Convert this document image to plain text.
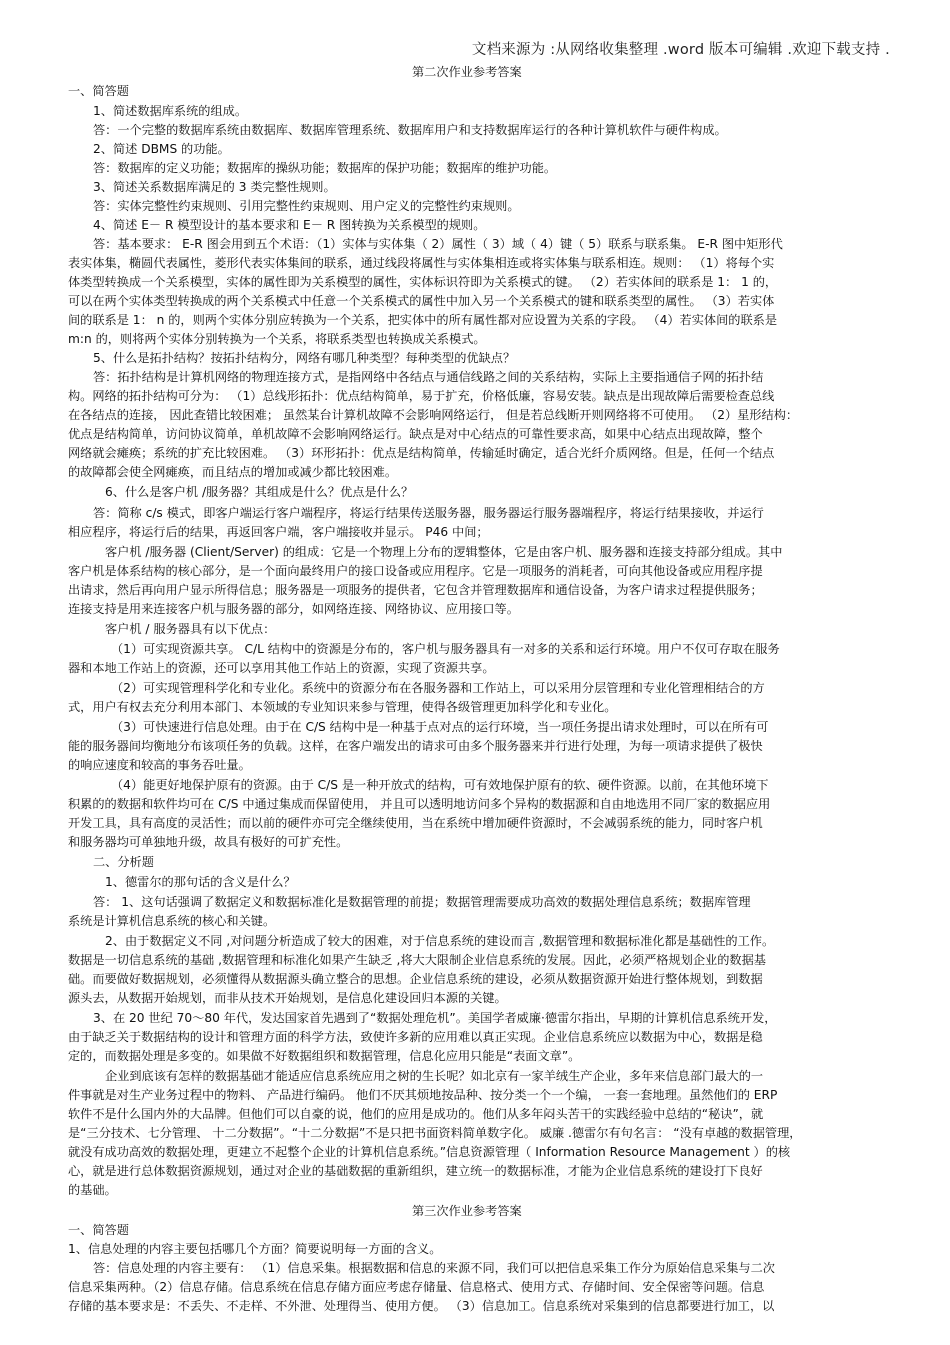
文档来源为 :从网络收集整理 .word 版本可编辑 .欢迎下载支持 .
第二次作业参考答案
一、简答题
1、简述数据库系统的组成。
答：一个完整的数据库系统由数据库、数据库管理系统、数据库用户和支持数据库运行的各种计算机软件与硬件构成。
2、简述 DBMS 的功能。
答：数据库的定义功能；数据库的操纵功能；数据库的保护功能；数据库的维护功能。
3、简述关系数据库满足的 3 类完整性规则。
答：实体完整性约束规则、引用完整性约束规则、用户定义的完整性约束规则。
4、简述 E－ R 模型设计的基本要求和 E－ R 图转换为关系模型的规则。
答：基本要求： E-R 图会用到五个术语：（1）实体与实体集（ 2）属性（ 3）域（ 4）键（ 5）联系与联系集。 E-R 图中矩形代
表实体集，椭圆代表属性，菱形代表实体集间的联系，通过线段将属性与实体集相连或将实体集与联系相连。规则： （1）将每个实
体类型转换成一个关系模型，实体的属性即为关系模型的属性，实体标识符即为关系模式的键。 （2）若实体间的联系是 1： 1 的，
可以在两个实体类型转换成的两个关系模式中任意一个关系模式的属性中加入另一个关系模式的键和联系类型的属性。 （3）若实体
间的联系是 1： n 的，则两个实体分别应转换为一个关系，把实体中的所有属性都对应设置为关系的字段。 （4）若实体间的联系是
m:n 的，则将两个实体分别转换为一个关系，将联系类型也转换成关系模式。
5、什么是拓扑结构？按拓扑结构分，网络有哪几种类型？每种类型的优缺点？
答：拓扑结构是计算机网络的物理连接方式，是指网络中各结点与通信线路之间的关系结构，实际上主要指通信子网的拓扑结
构。网络的拓扑结构可分为： （1）总线形拓扑：优点结构简单，易于扩充，价格低廉，容易安装。缺点是出现故障后需要检查总线
在各结点的连接， 因此查错比较困难； 虽然某台计算机故障不会影响网络运行， 但是若总线断开则网络将不可使用。 （2）星形结构：
优点是结构简单，访问协议简单，单机故障不会影响网络运行。缺点是对中心结点的可靠性要求高，如果中心结点出现故障，整个
网络就会瘫痪；系统的扩充比较困难。 （3）环形拓扑：优点是结构简单，传输延时确定，适合光纤介质网络。但是，任何一个结点
的故障都会使全网瘫痪，而且结点的增加或减少都比较困难。
6、什么是客户机 /服务器？其组成是什么？优点是什么？
答：简称 c/s 模式，即客户端运行客户端程序，将运行结果传送服务器，服务器运行服务器端程序，将运行结果接收，并运行
相应程序，将运行后的结果，再返回客户端，客户端接收并显示。 P46 中间；
客户机 /服务器 (Client/Server) 的组成：它是一个物理上分布的逻辑整体，它是由客户机、服务器和连接支持部分组成。其中
客户机是体系结构的核心部分，是一个面向最终用户的接口设备或应用程序。它是一项服务的消耗者，可向其他设备或应用程序提
出请求，然后再向用户显示所得信息；服务器是一项服务的提供者，它包含并管理数据库和通信设备，为客户请求过程提供服务；
连接支持是用来连接客户机与服务器的部分，如网络连接、网络协议、应用接口等。
客户机 / 服务器具有以下优点：
（1）可实现资源共享。 C/L 结构中的资源是分布的，客户机与服务器具有一对多的关系和运行环境。用户不仅可存取在服务
器和本地工作站上的资源，还可以享用其他工作站上的资源，实现了资源共享。
（2）可实现管理科学化和专业化。系统中的资源分布在各服务器和工作站上，可以采用分层管理和专业化管理相结合的方
式，用户有权去充分利用本部门、本领域的专业知识来参与管理，使得各级管理更加科学化和专业化。
（3）可快速进行信息处理。由于在 C/S 结构中是一种基于点对点的运行环境，当一项任务提出请求处理时，可以在所有可
能的服务器间均衡地分布该项任务的负载。这样，在客户端发出的请求可由多个服务器来并行进行处理，为每一项请求提供了极快
的响应速度和较高的事务吞吐量。
（4）能更好地保护原有的资源。由于 C/S 是一种开放式的结构，可有效地保护原有的软、硬件资源。以前，在其他环境下
积累的的数据和软件均可在 C/S 中通过集成而保留使用， 并且可以透明地访问多个异构的数据源和自由地选用不同厂家的数据应用
开发工具，具有高度的灵活性；而以前的硬件亦可完全继续使用，当在系统中增加硬件资源时，不会减弱系统的能力，同时客户机
和服务器均可单独地升级，故具有极好的可扩充性。
二、分析题
1、德雷尔的那句话的含义是什么？
答： 1、这句话强调了数据定义和数据标准化是数据管理的前提；数据管理需要成功高效的数据处理信息系统；数据库管理
系统是计算机信息系统的核心和关键。
2、由于数据定义不同 ,对问题分析造成了较大的困难，对于信息系统的建设而言 ,数据管理和数据标准化都是基础性的工作。
数据是一切信息系统的基础 ,数据管理和标准化如果产生缺乏 ,将大大限制企业信息系统的发展。因此，必须严格规划企业的数据基
础。而要做好数据规划，必须懂得从数据源头确立整合的思想。企业信息系统的建设，必须从数据资源开始进行整体规划，到数据
源头去，从数据开始规划，而非从技术开始规划，是信息化建设回归本源的关键。
3、在 20 世纪 70～80 年代，发达国家首先遇到了“数据处理危机”。美国学者威廉·德雷尔指出，早期的计算机信息系统开发，
由于缺乏关于数据结构的设计和管理方面的科学方法，致使许多新的应用难以真正实现。企业信息系统应以数据为中心，数据是稳
定的，而数据处理是多变的。如果做不好数据组织和数据管理，信息化应用只能是“表面文章”。
企业到底该有怎样的数据基础才能适应信息系统应用之树的生长呢？如北京有一家羊绒生产企业，多年来信息部门最大的一
件事就是对生产业务过程中的物料、 产品进行编码。 他们不厌其烦地按品种、按分类一个一个编， 一套一套地理。虽然他们的 ERP
软件不是什么国内外的大品牌。但他们可以自豪的说，他们的应用是成功的。他们从多年闷头苦干的实践经验中总结的“秘诀”，就
是“三分技术、七分管理、 十二分数据”。“十二分数据”不是只把书面资料简单数字化。 威廉 .德雷尔有句名言： “没有卓越的数据管理，
就没有成功高效的数据处理，更建立不起整个企业的计算机信息系统。”信息资源管理（ Information Resource Management ）的核
心，就是进行总体数据资源规划，通过对企业的基础数据的重新组织，建立统一的数据标准，才能为企业信息系统的建设打下良好
的基础。
第三次作业参考答案
一、简答题
1、信息处理的内容主要包括哪几个方面？简要说明每一方面的含义。
答：信息处理的内容主要有： （1）信息采集。根据数据和信息的来源不同，我们可以把信息采集工作分为原始信息采集与二次
信息采集两种。（2）信息存储。信息系统在信息存储方面应考虑存储量、信息格式、使用方式、存储时间、安全保密等问题。信息
存储的基本要求是：不丢失、不走样、不外泄、处理得当、使用方便。 （3）信息加工。信息系统对采集到的信息都要进行加工，以
